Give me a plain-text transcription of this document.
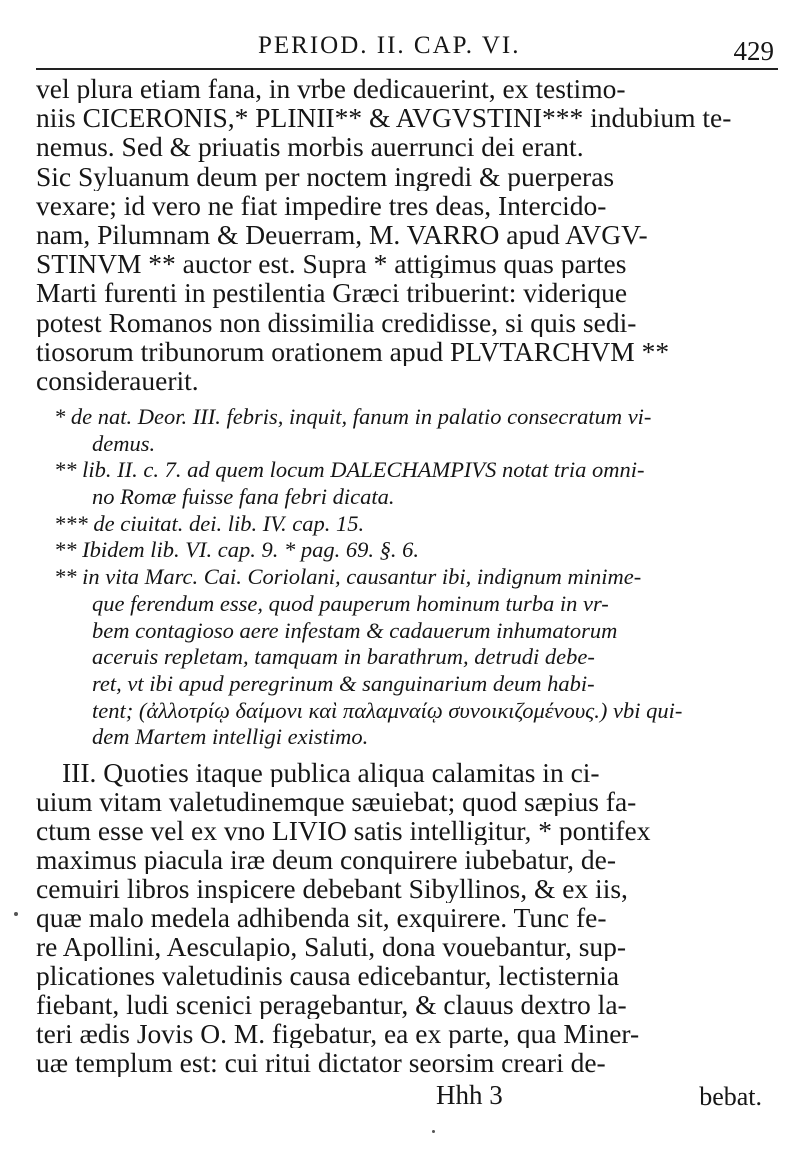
PERIOD. II. CAP. VI.	429
vel plura etiam fana, in vrbe dedicauerint, ex testimo-
niis CICERONIS,* PLINII** & AVGVSTINI*** indubium te-
nemus. Sed & priuatis morbis auerrunci dei erant.
Sic Syluanum deum per noctem ingredi & puerperas
vexare; id vero ne fiat impedire tres deas, Intercido-
nam, Pilumnam & Deuerram, M. VARRO apud AVGV-
STINVM ** auctor est. Supra * attigimus quas partes
Marti furenti in pestilentia Græci tribuerint: viderique
potest Romanos non dissimilia credidisse, si quis sedi-
tiosorum tribunorum orationem apud PLVTARCHVM **
considerauerit.
* de nat. Deor. III. febris, inquit, fanum in palatio consecratum vi-
demus.
** lib. II. c. 7. ad quem locum DALECHAMPIVS notat tria omni-
no Romæ fuisse fana febri dicata.
*** de ciuitat. dei. lib. IV. cap. 15.
** Ibidem lib. VI. cap. 9. * pag. 69. §. 6.
** in vita Marc. Cai. Coriolani, causantur ibi, indignum minime-
que ferendum esse, quod pauperum hominum turba in vr-
bem contagioso aere infestam & cadauerum inhumatorum
aceruis repletam, tamquam in barathrum, detrudi debe-
ret, vt ibi apud peregrinum & sanguinarium deum habi-
tent; (ἀλλοτρίῳ δαίμονι καὶ παλαμναίῳ συνοικιζομένους.) vbi qui-
dem Martem intelligi existimo.
III. Quoties itaque publica aliqua calamitas in ci-
uium vitam valetudinemque sæuiebat; quod sæpius fa-
ctum esse vel ex vno LIVIO satis intelligitur, * pontifex
maximus piacula iræ deum conquirere iubebatur, de-
cemuiri libros inspicere debebant Sibyllinos, & ex iis,
quæ malo medela adhibenda sit, exquirere. Tunc fe-
re Apollini, Aesculapio, Saluti, dona vouebantur, sup-
plicationes valetudinis causa edicebantur, lectisternia
fiebant, ludi scenici peragebantur, & clauus dextro la-
teri ædis Jovis O. M. figebatur, ea ex parte, qua Miner-
uæ templum est: cui ritui dictator seorsim creari de-
Hhh 3	bebat.
